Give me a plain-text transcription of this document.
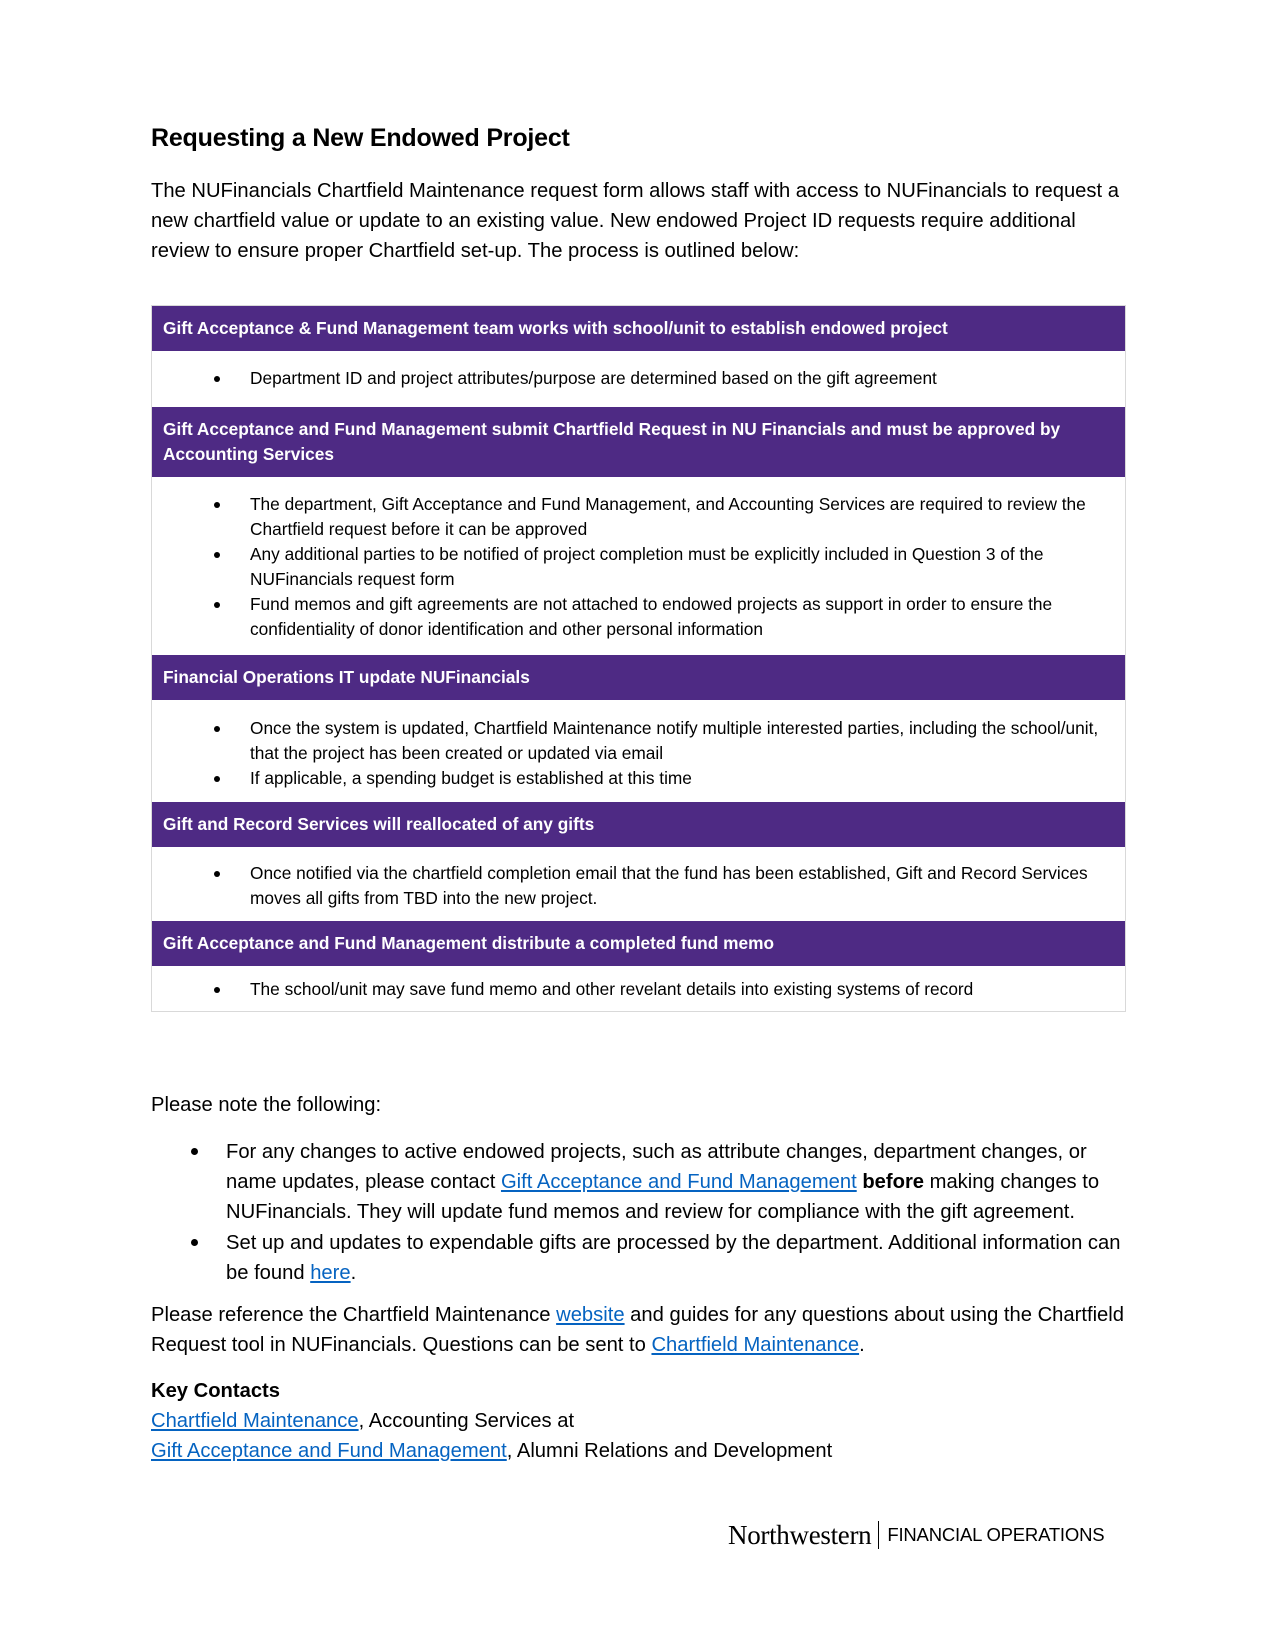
Requesting a New Endowed Project

The NUFinancials Chartfield Maintenance request form allows staff with access to NUFinancials to request a new chartfield value or update to an existing value. New endowed Project ID requests require additional review to ensure proper Chartfield set-up. The process is outlined below:

Gift Acceptance & Fund Management team works with school/unit to establish endowed project
Department ID and project attributes/purpose are determined based on the gift agreement
Gift Acceptance and Fund Management submit Chartfield Request in NU Financials and must be approved by Accounting Services
The department, Gift Acceptance and Fund Management, and Accounting Services are required to review the Chartfield request before it can be approved
Any additional parties to be notified of project completion must be explicitly included in Question 3 of the NUFinancials request form
Fund memos and gift agreements are not attached to endowed projects as support in order to ensure the confidentiality of donor identification and other personal information
Financial Operations IT update NUFinancials
Once the system is updated, Chartfield Maintenance notify multiple interested parties, including the school/unit, that the project has been created or updated via email
If applicable, a spending budget is established at this time
Gift and Record Services will reallocated of any gifts
Once notified via the chartfield completion email that the fund has been established, Gift and Record Services moves all gifts from TBD into the new project.
Gift Acceptance and Fund Management distribute a completed fund memo
The school/unit may save fund memo and other revelant details into existing systems of record

Please note the following:

For any changes to active endowed projects, such as attribute changes, department changes, or name updates, please contact Gift Acceptance and Fund Management before making changes to NUFinancials. They will update fund memos and review for compliance with the gift agreement.
Set up and updates to expendable gifts are processed by the department. Additional information can be found here.

Please reference the Chartfield Maintenance website and guides for any questions about using the Chartfield Request tool in NUFinancials. Questions can be sent to Chartfield Maintenance.

Key Contacts
Chartfield Maintenance, Accounting Services at
Gift Acceptance and Fund Management, Alumni Relations and Development

Northwestern FINANCIAL OPERATIONS
